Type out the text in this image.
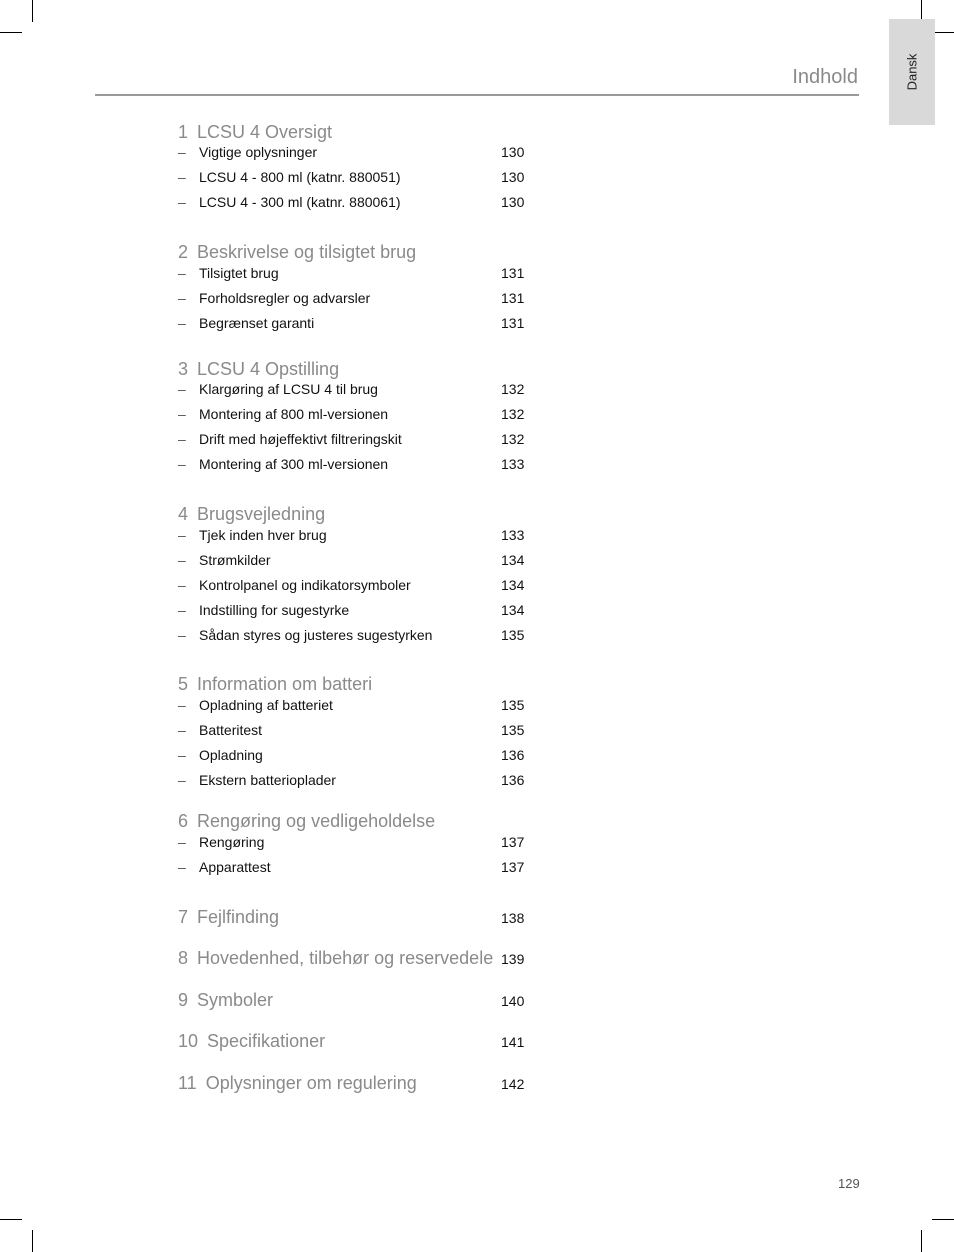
Dansk
Indhold
1 LCSU 4 Oversigt
– Vigtige oplysninger	130
– LCSU 4 - 800 ml (katnr. 880051)	130
– LCSU 4 - 300 ml (katnr. 880061)	130
2 Beskrivelse og tilsigtet brug
– Tilsigtet brug	131
– Forholdsregler og advarsler	131
– Begrænset garanti	131
3 LCSU 4 Opstilling
– Klargøring af LCSU 4 til brug	132
– Montering af 800 ml-versionen	132
– Drift med højeffektivt filtreringskit	132
– Montering af 300 ml-versionen	133
4 Brugsvejledning
– Tjek inden hver brug	133
– Strømkilder	134
– Kontrolpanel og indikatorsymboler	134
– Indstilling for sugestyrke	134
– Sådan styres og justeres sugestyrken	135
5 Information om batteri
– Opladning af batteriet	135
– Batteritest	135
– Opladning	136
– Ekstern batterioplader	136
6 Rengøring og vedligeholdelse
– Rengøring	137
– Apparattest	137
7 Fejlfinding	138
8 Hovedenhed, tilbehør og reservedele 139
9 Symboler	140
10 Specifikationer	141
11 Oplysninger om regulering	142
129
